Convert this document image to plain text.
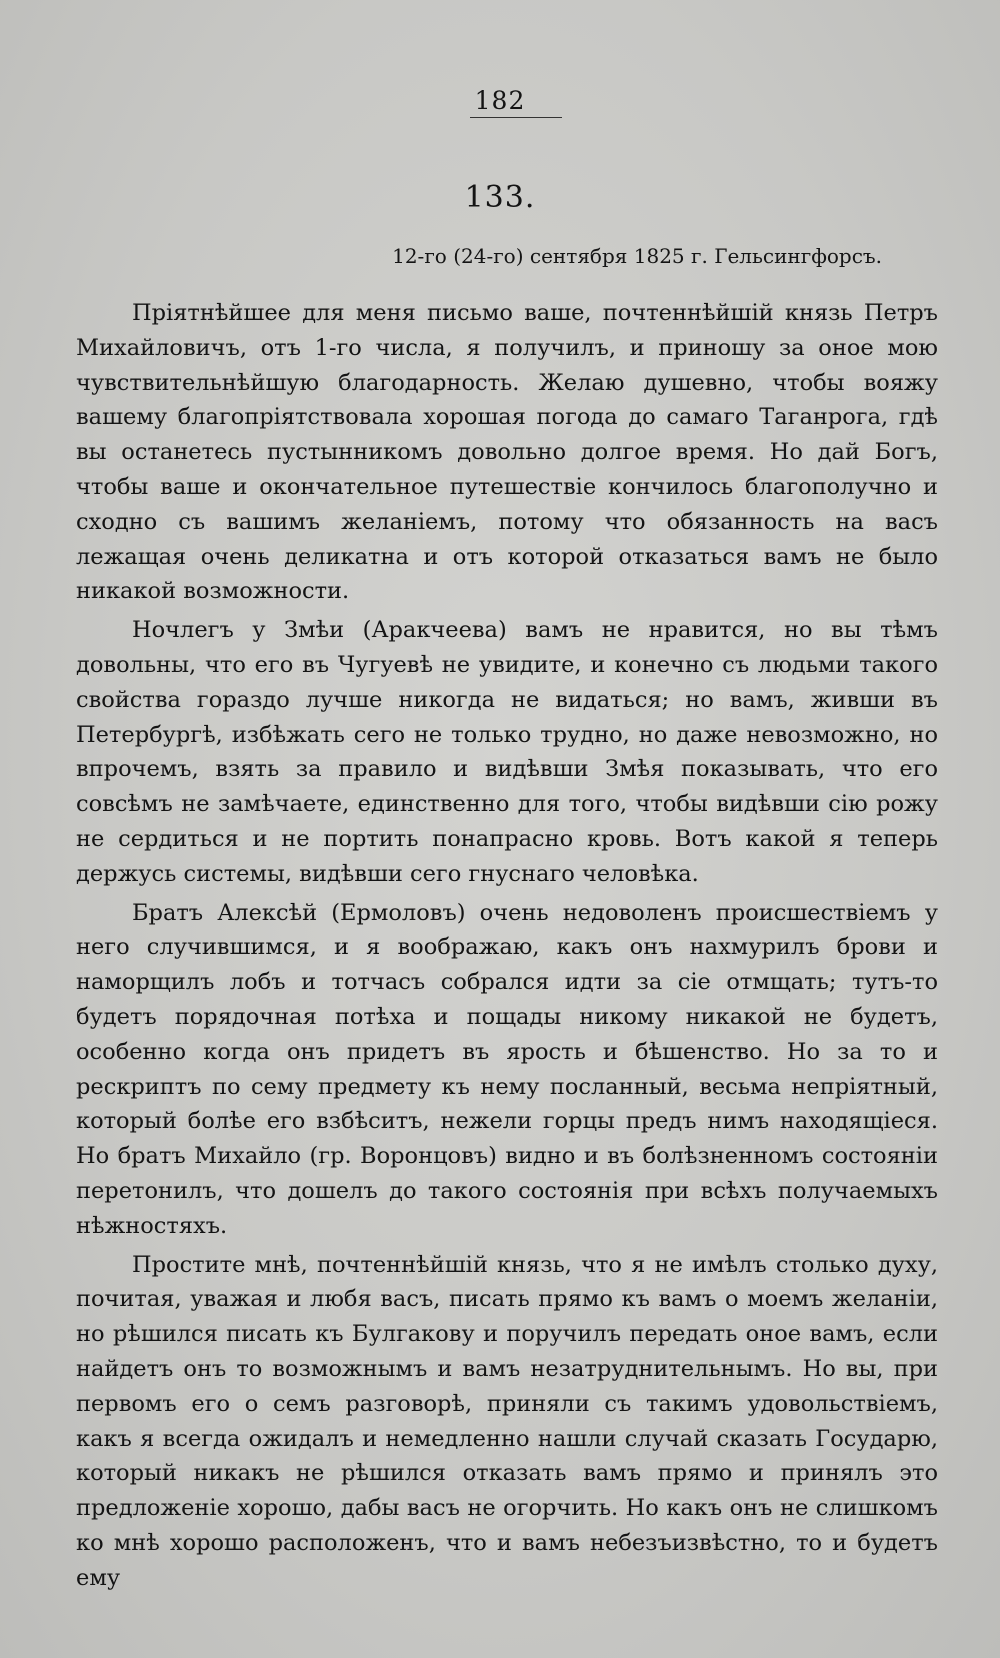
182
133.
12-го (24-го) сентября 1825 г. Гельсингфорсъ.

Пріятнѣйшее для меня письмо ваше, почтеннѣйшій князь Петръ Михайловичъ, отъ 1-го числа, я получилъ, и приношу за оное мою чувствительнѣйшую благодарность. Желаю душевно, чтобы вояжу вашему благопріятствовала хорошая погода до самаго Таганрога, гдѣ вы останетесь пустынникомъ довольно долгое время. Но дай Богъ, чтобы ваше и окончательное путешествіе кончилось благополучно и сходно съ вашимъ желаніемъ, потому что обязанность на васъ лежащая очень деликатна и отъ которой отказаться вамъ не было никакой возможности.

Ночлегъ у Змѣи (Аракчеева) вамъ не нравится, но вы тѣмъ довольны, что его въ Чугуевѣ не увидите, и конечно съ людьми такого свойства гораздо лучше никогда не видаться; но вамъ, живши въ Петербургѣ, избѣжать сего не только трудно, но даже невозможно, но впрочемъ, взять за правило и видѣвши Змѣя показывать, что его совсѣмъ не замѣчаете, единственно для того, чтобы видѣвши сію рожу не сердиться и не портить понапрасно кровь. Вотъ какой я теперь держусь системы, видѣвши сего гнуснаго человѣка.

Братъ Алексѣй (Ермоловъ) очень недоволенъ происшествіемъ у него случившимся, и я воображаю, какъ онъ нахмурилъ брови и наморщилъ лобъ и тотчасъ собрался идти за сіе отмщать; тутъ-то будетъ порядочная потѣха и пощады никому никакой не будетъ, особенно когда онъ придетъ въ ярость и бѣшенство. Но за то и рескриптъ по сему предмету къ нему посланный, весьма непріятный, который болѣе его взбѣситъ, нежели горцы предъ нимъ находящіеся. Но братъ Михайло (гр. Воронцовъ) видно и въ болѣзненномъ состояніи перетонилъ, что дошелъ до такого состоянія при всѣхъ получаемыхъ нѣжностяхъ.

Простите мнѣ, почтеннѣйшій князь, что я не имѣлъ столько духу, почитая, уважая и любя васъ, писать прямо къ вамъ о моемъ желаніи, но рѣшился писать къ Булгакову и поручилъ передать оное вамъ, если найдетъ онъ то возможнымъ и вамъ незатруднительнымъ. Но вы, при первомъ его о семъ разговорѣ, приняли съ такимъ удовольствіемъ, какъ я всегда ожидалъ и немедленно нашли случай сказать Государю, который никакъ не рѣшился отказать вамъ прямо и принялъ это предложеніе хорошо, дабы васъ не огорчить. Но какъ онъ не слишкомъ ко мнѣ хорошо расположенъ, что и вамъ небезъизвѣстно, то и будетъ ему
